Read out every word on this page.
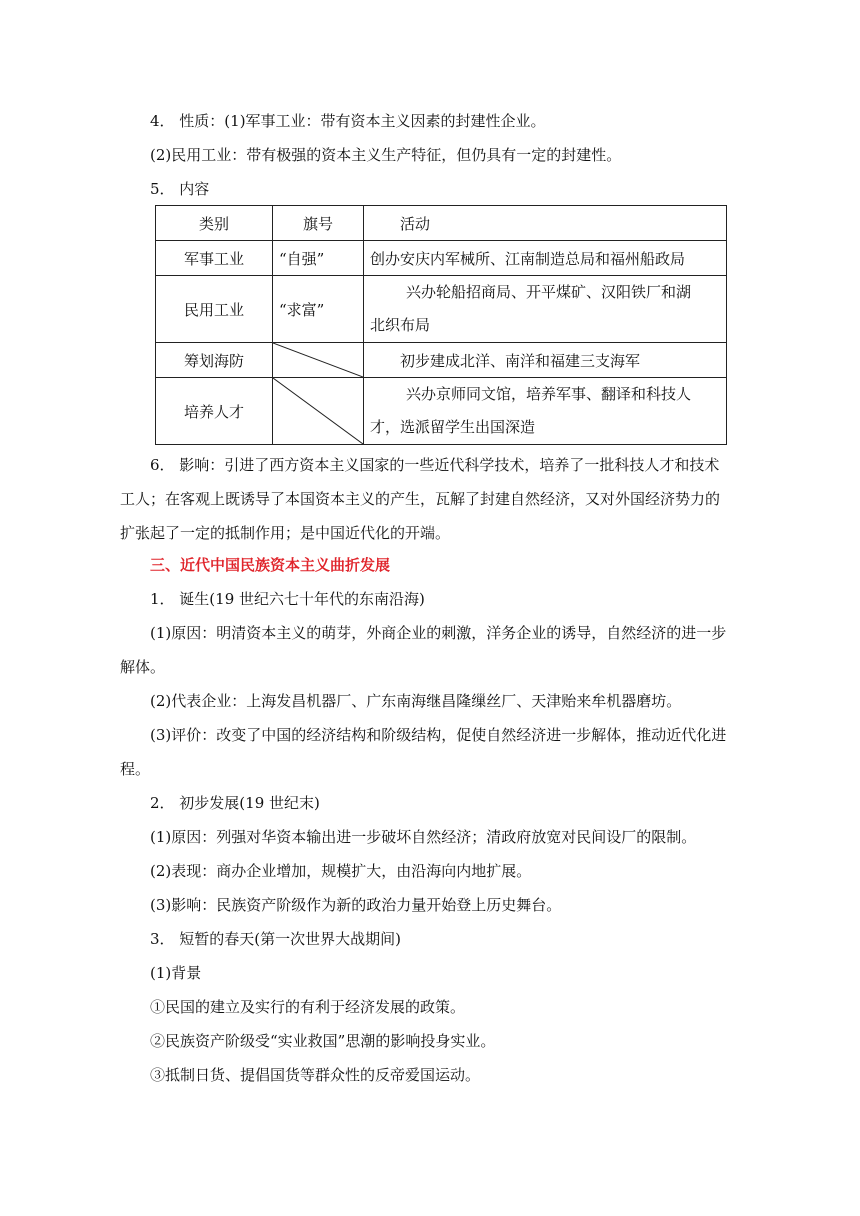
4． 性质：(1)军事工业：带有资本主义因素的封建性企业。

(2)民用工业：带有极强的资本主义生产特征，但仍具有一定的封建性。

5． 内容

类别	旗号	活动
军事工业	“自强”	创办安庆内军械所、江南制造总局和福州船政局
民用工业	“求富”	兴办轮船招商局、开平煤矿、汉阳铁厂和湖
北织布局

筹划海防		初步建成北洋、南洋和福建三支海军
培养人才		兴办京师同文馆，培养军事、翻译和科技人
才，选派留学生出国深造

6． 影响：引进了西方资本主义国家的一些近代科学技术，培养了一批科技人才和技术

工人；在客观上既诱导了本国资本主义的产生，瓦解了封建自然经济，又对外国经济势力的

扩张起了一定的抵制作用；是中国近代化的开端。

三、近代中国民族资本主义曲折发展

1． 诞生(19 世纪六七十年代的东南沿海)

(1)原因：明清资本主义的萌芽，外商企业的刺激，洋务企业的诱导，自然经济的进一步

解体。

(2)代表企业：上海发昌机器厂、广东南海继昌隆缫丝厂、天津贻来牟机器磨坊。

(3)评价：改变了中国的经济结构和阶级结构，促使自然经济进一步解体，推动近代化进

程。

2． 初步发展(19 世纪末)

(1)原因：列强对华资本输出进一步破坏自然经济；清政府放宽对民间设厂的限制。

(2)表现：商办企业增加，规模扩大，由沿海向内地扩展。

(3)影响：民族资产阶级作为新的政治力量开始登上历史舞台。

3． 短暂的春天(第一次世界大战期间)

(1)背景

①民国的建立及实行的有利于经济发展的政策。

②民族资产阶级受“实业救国”思潮的影响投身实业。

③抵制日货、提倡国货等群众性的反帝爱国运动。
